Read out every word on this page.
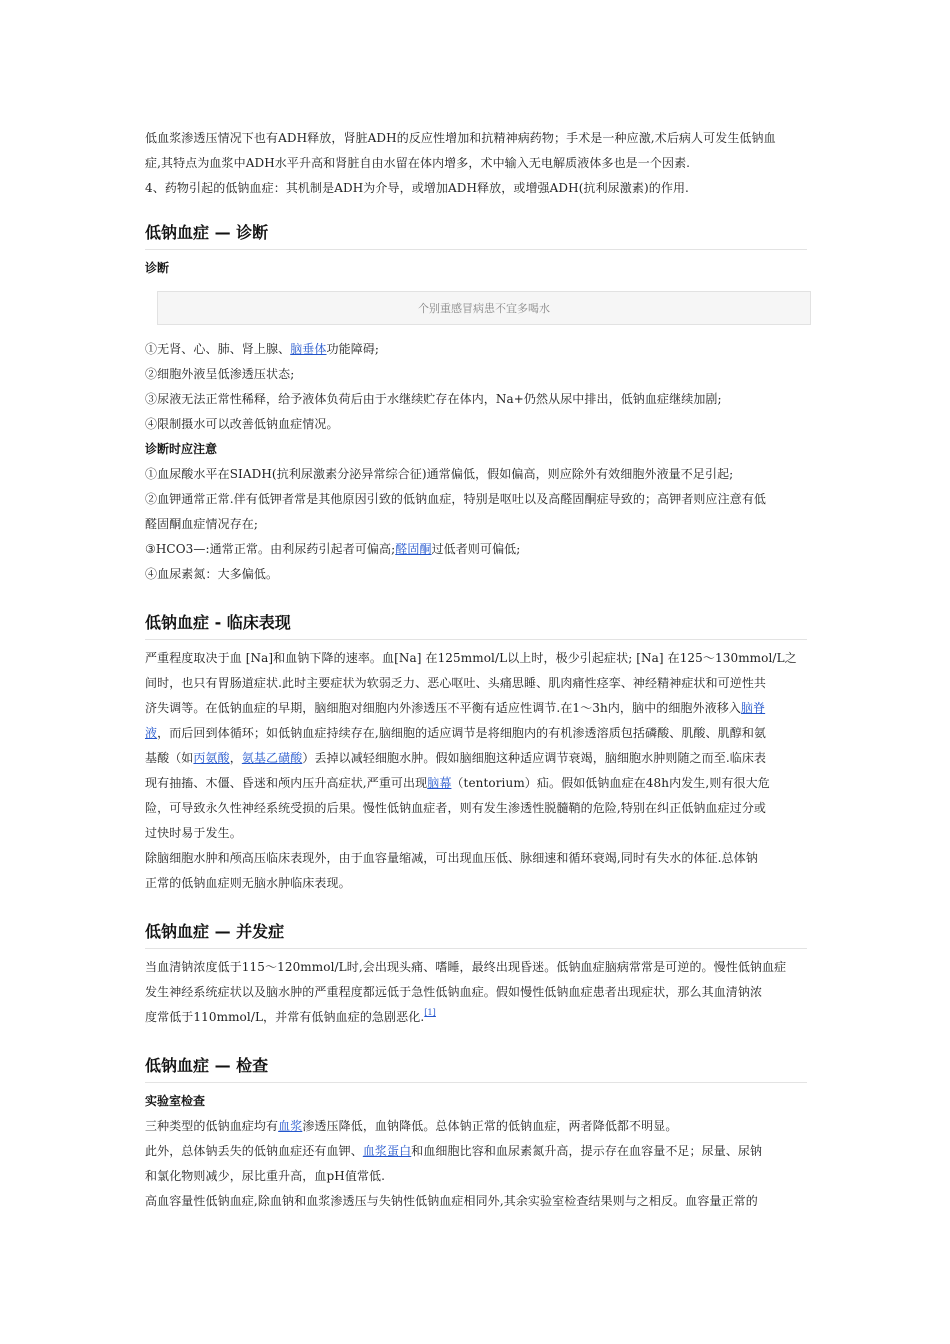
低血浆渗透压情况下也有ADH释放，肾脏ADH的反应性增加和抗精神病药物；手术是一种应激,术后病人可发生低钠血
症,其特点为血浆中ADH水平升高和肾脏自由水留在体内增多，术中输入无电解质液体多也是一个因素.

4、药物引起的低钠血症：其机制是ADH为介导，或增加ADH释放，或增强ADH(抗利尿激素)的作用.

低钠血症 — 诊断
诊断
个别重感冒病患不宜多喝水

①无肾、心、肺、肾上腺、脑垂体功能障碍;

②细胞外液呈低渗透压状态;

③尿液无法正常性稀释，给予液体负荷后由于水继续贮存在体内，Na+仍然从尿中排出，低钠血症继续加剧;

④限制摄水可以改善低钠血症情况。

诊断时应注意

①血尿酸水平在SIADH(抗利尿激素分泌异常综合征)通常偏低，假如偏高，则应除外有效细胞外液量不足引起;

②血钾通常正常.伴有低钾者常是其他原因引致的低钠血症，特别是呕吐以及高醛固酮症导致的；高钾者则应注意有低
醛固酮血症情况存在;

③HCO3—:通常正常。由利尿药引起者可偏高;醛固酮过低者则可偏低;

④血尿素氮：大多偏低。

低钠血症 - 临床表现

严重程度取决于血 [Na]和血钠下降的速率。血[Na] 在125mmol/L以上时，极少引起症状; [Na] 在125～130mmol/L之
间时，也只有胃肠道症状.此时主要症状为软弱乏力、恶心呕吐、头痛思睡、肌肉痛性痉挛、神经精神症状和可逆性共
济失调等。在低钠血症的早期，脑细胞对细胞内外渗透压不平衡有适应性调节.在1～3h内，脑中的细胞外液移入脑脊
液，而后回到体循环；如低钠血症持续存在,脑细胞的适应调节是将细胞内的有机渗透溶质包括磷酸、肌酸、肌醇和氨
基酸（如丙氨酸，氨基乙磺酸）丢掉以减轻细胞水肿。假如脑细胞这种适应调节衰竭，脑细胞水肿则随之而至.临床表
现有抽搐、木僵、昏迷和颅内压升高症状,严重可出现脑幕（tentorium）疝。假如低钠血症在48h内发生,则有很大危
险，可导致永久性神经系统受损的后果。慢性低钠血症者，则有发生渗透性脱髓鞘的危险,特别在纠正低钠血症过分或
过快时易于发生。

除脑细胞水肿和颅高压临床表现外，由于血容量缩减，可出现血压低、脉细速和循环衰竭,同时有失水的体征.总体钠
正常的低钠血症则无脑水肿临床表现。

低钠血症 — 并发症

当血清钠浓度低于115～120mmol/L时,会出现头痛、嗜睡，最终出现昏迷。低钠血症脑病常常是可逆的。慢性低钠血症
发生神经系统症状以及脑水肿的严重程度都远低于急性低钠血症。假如慢性低钠血症患者出现症状，那么其血清钠浓
度常低于110mmol/L，并常有低钠血症的急剧恶化.[1]

低钠血症 — 检查
实验室检查

三种类型的低钠血症均有血浆渗透压降低，血钠降低。总体钠正常的低钠血症，两者降低都不明显。

此外，总体钠丢失的低钠血症还有血钾、血浆蛋白和血细胞比容和血尿素氮升高，提示存在血容量不足；尿量、尿钠
和氯化物则减少，尿比重升高，血pH值常低.

高血容量性低钠血症,除血钠和血浆渗透压与失钠性低钠血症相同外,其余实验室检查结果则与之相反。血容量正常的
